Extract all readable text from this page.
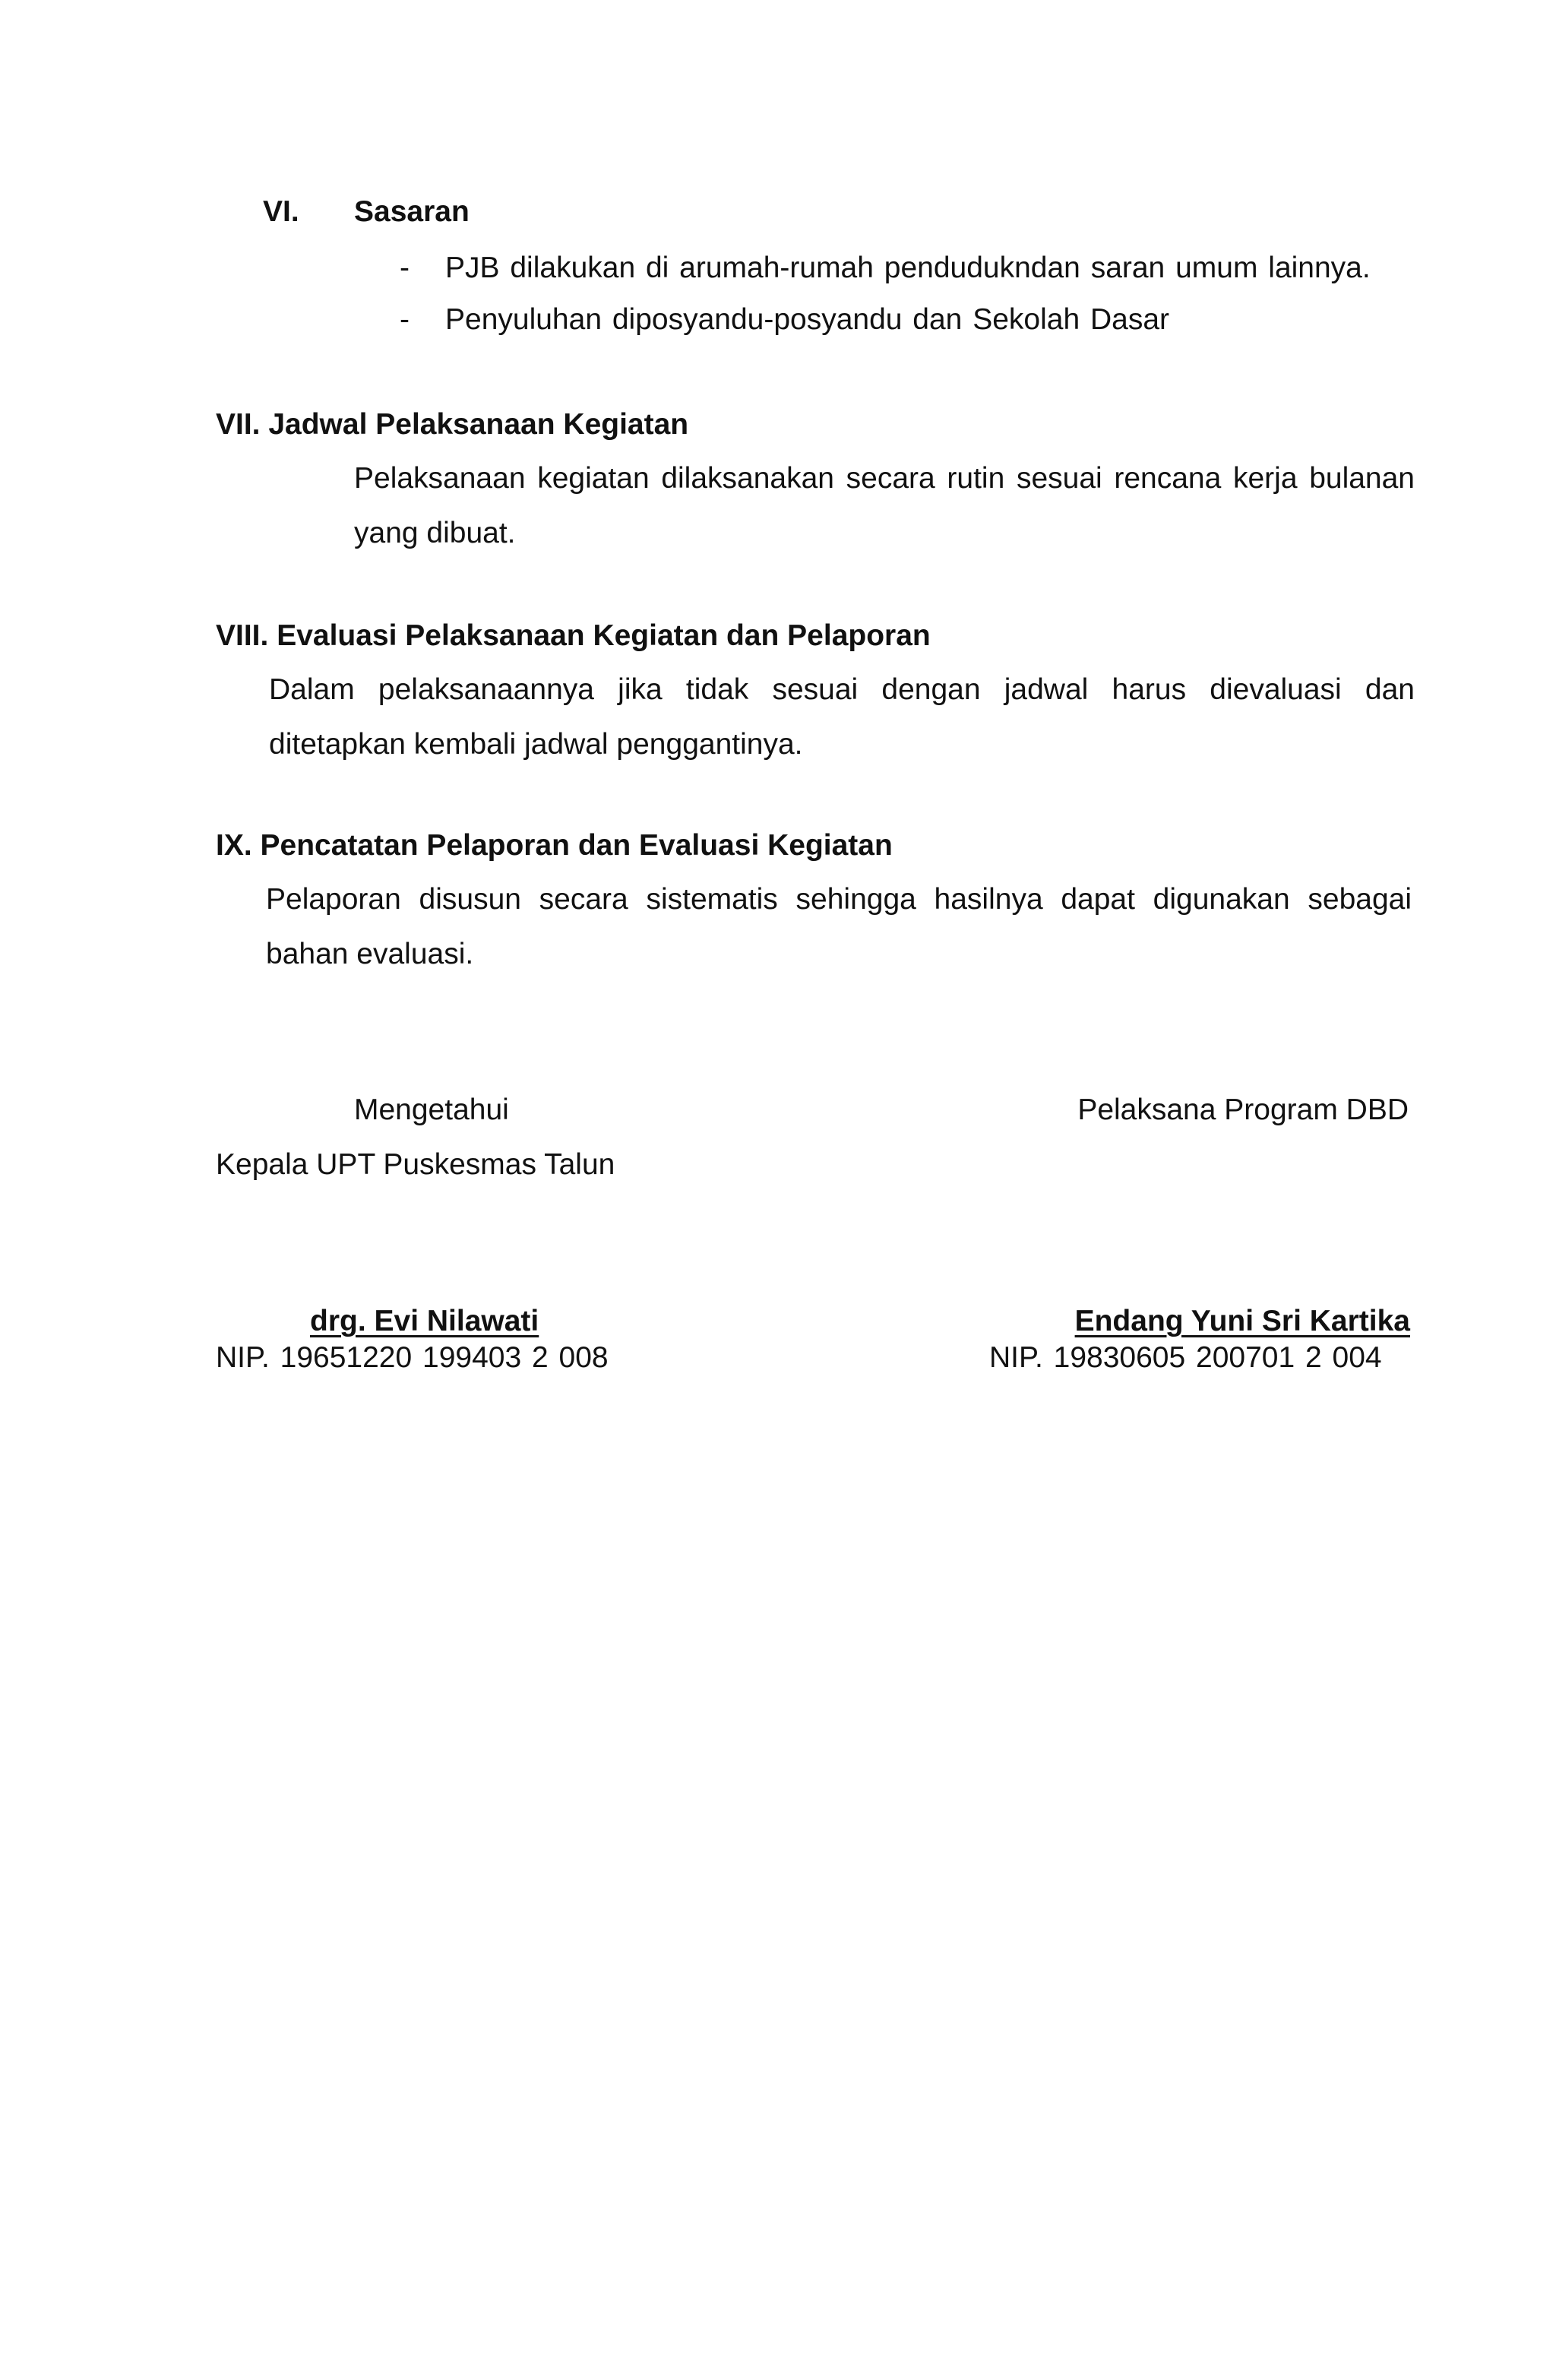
VI. Sasaran
- PJB dilakukan di arumah-rumah pendudukndan saran umum lainnya.
- Penyuluhan diposyandu-posyandu dan Sekolah Dasar
VII. Jadwal Pelaksanaan Kegiatan
Pelaksanaan kegiatan dilaksanakan secara rutin sesuai rencana kerja bulanan yang dibuat.
VIII. Evaluasi Pelaksanaan Kegiatan dan Pelaporan
Dalam pelaksanaannya jika tidak sesuai dengan jadwal harus dievaluasi dan ditetapkan kembali jadwal penggantinya.
IX. Pencatatan Pelaporan dan Evaluasi Kegiatan
Pelaporan disusun secara sistematis sehingga hasilnya dapat digunakan sebagai bahan evaluasi.
Mengetahui
Kepala UPT Puskesmas Talun
Pelaksana Program DBD
drg. Evi Nilawati
NIP. 19651220 199403 2 008
Endang Yuni Sri Kartika
NIP. 19830605 200701 2 004
